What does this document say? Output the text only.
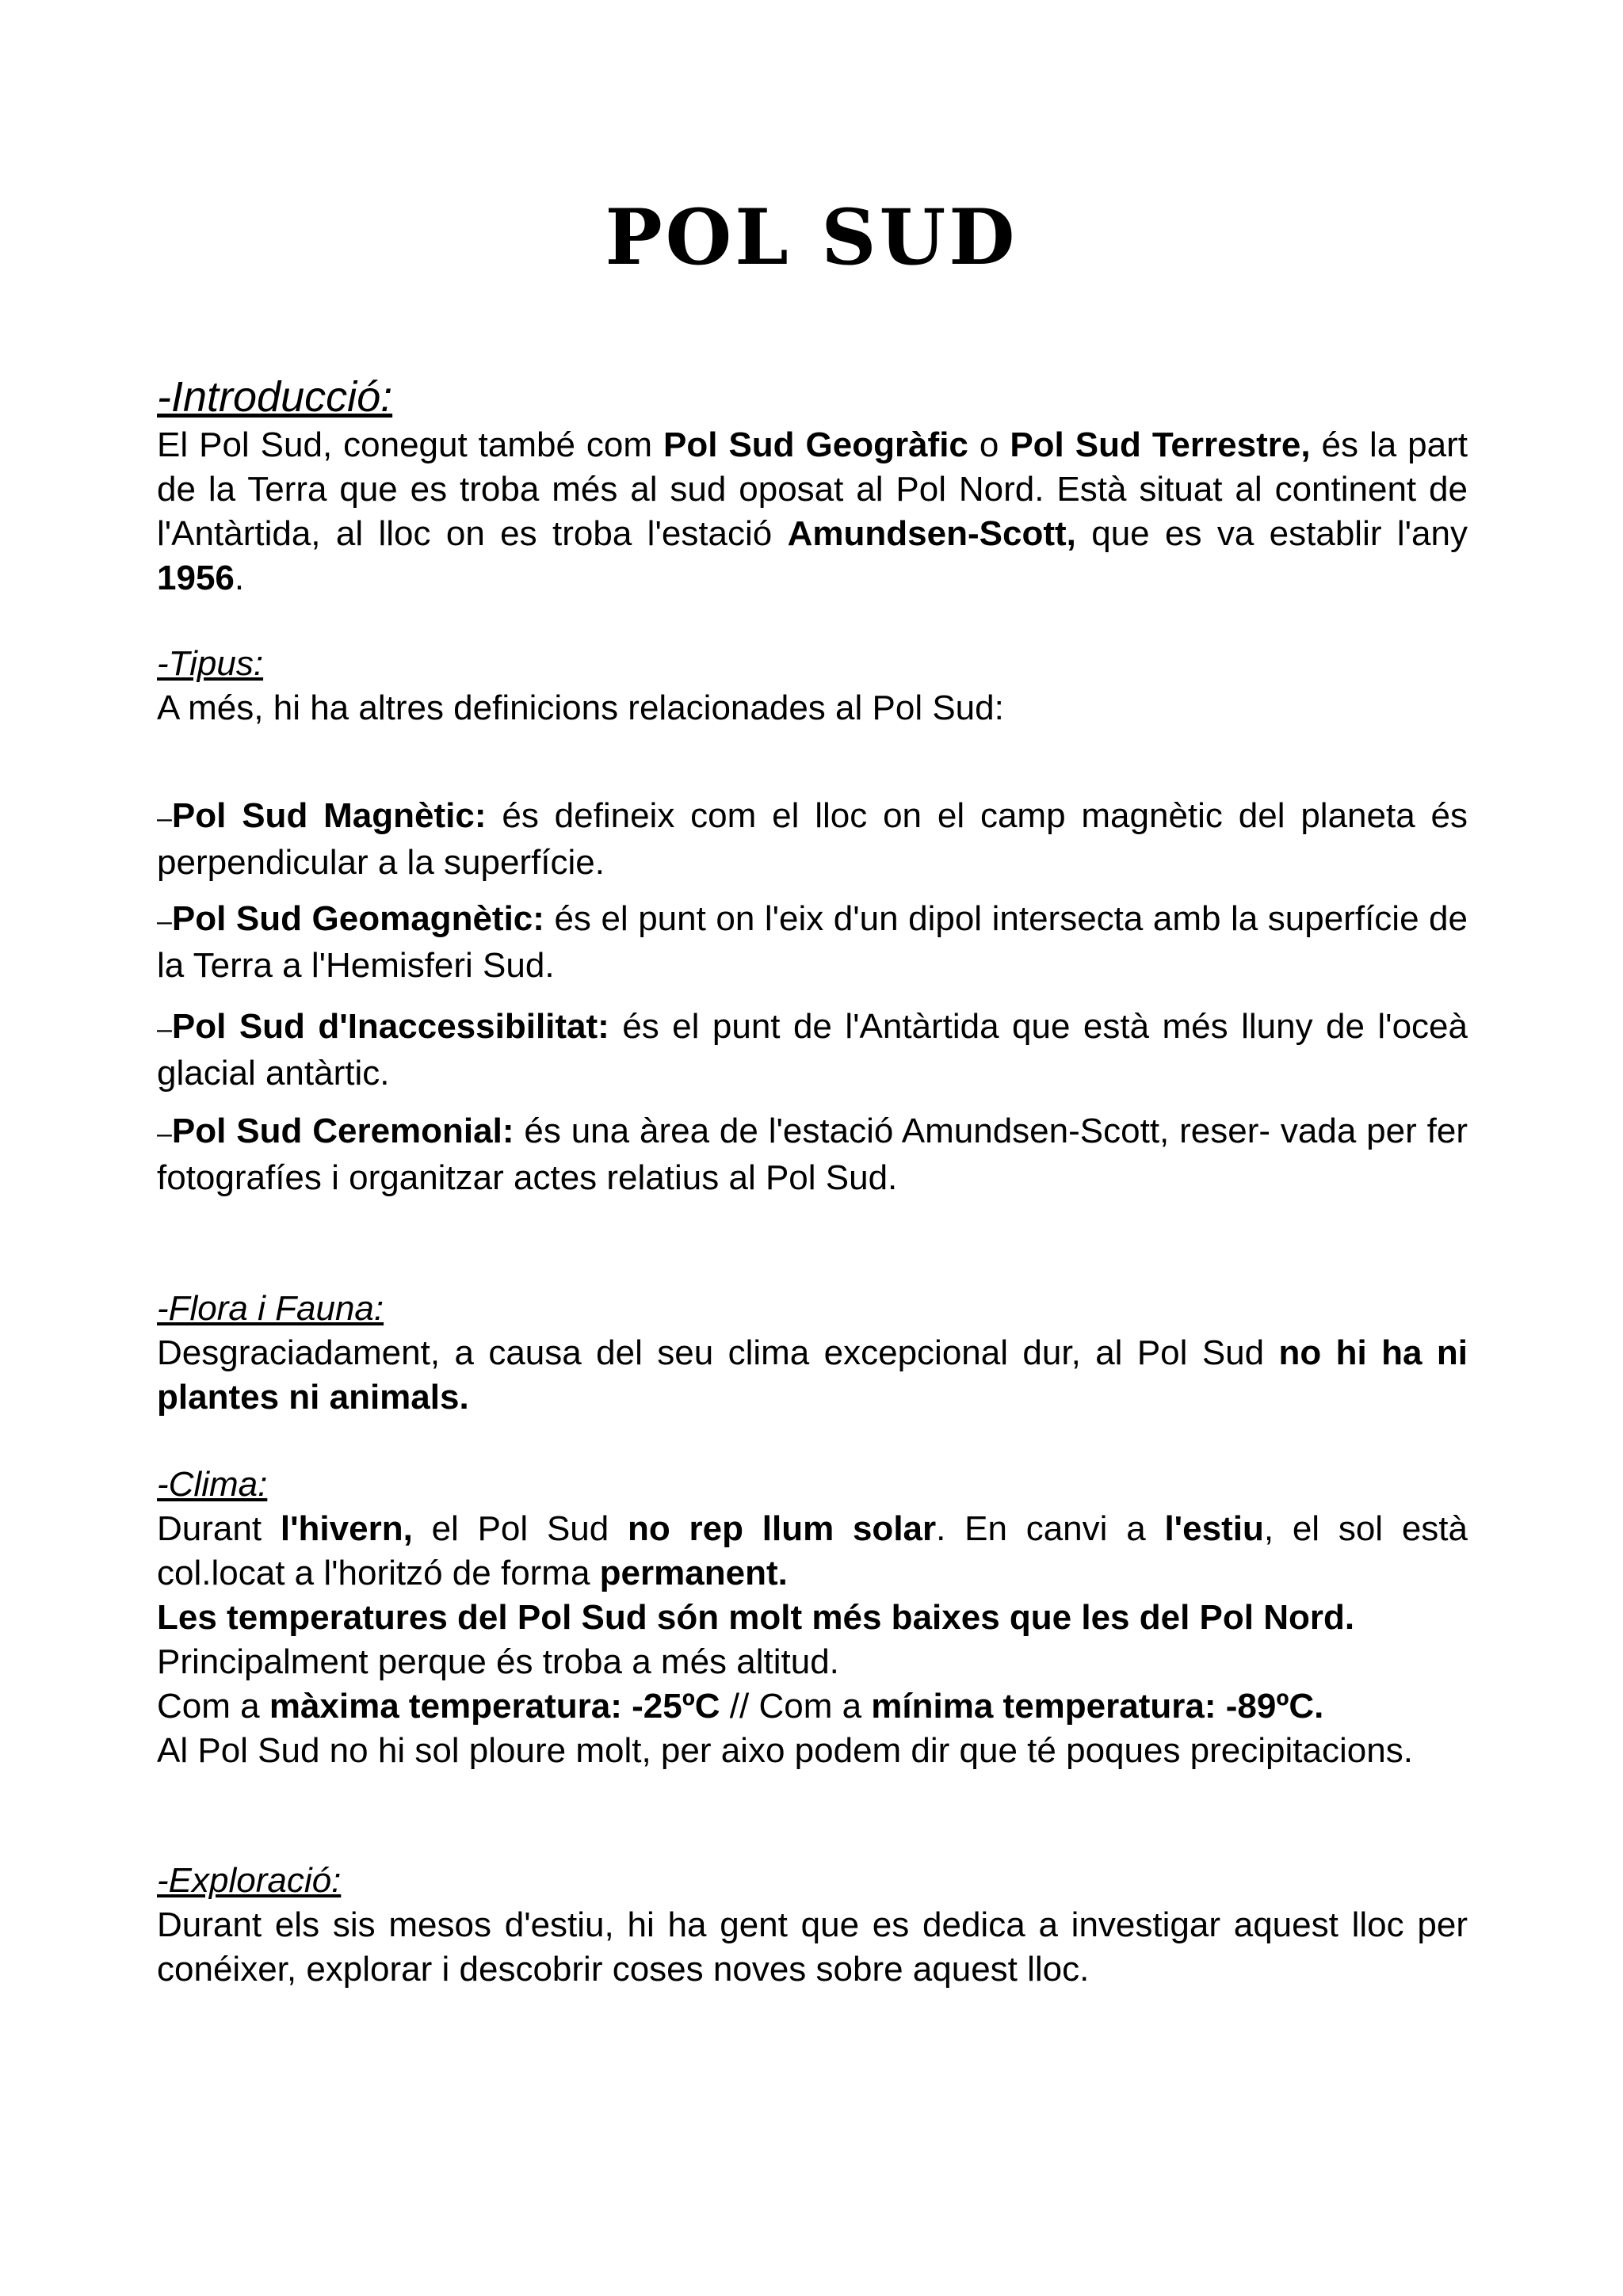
POL SUD

-Introducció:

El Pol Sud, conegut també com Pol Sud Geogràfic o Pol Sud Terrestre, és la part de la Terra que es troba més al sud oposat al Pol Nord. Està situat al continent de l'Antàrtida, al lloc on es troba l'estació Amundsen-Scott, que es va establir l'any 1956.

-Tipus:

A més, hi ha altres definicions relacionades al Pol Sud:

–Pol Sud Magnètic: és defineix com el lloc on el camp magnètic del planeta és perpendicular a la superfície.
–Pol Sud Geomagnètic: és el punt on l'eix d'un dipol intersecta amb la superfície de la Terra a l'Hemisferi Sud.
–Pol Sud d'Inaccessibilitat: és el punt de l'Antàrtida que està més lluny de l'oceà glacial antàrtic.
–Pol Sud Ceremonial: és una àrea de l'estació Amundsen-Scott, reser- vada per fer fotografíes i organitzar actes relatius al Pol Sud.

-Flora i Fauna:

Desgraciadament, a causa del seu clima excepcional dur, al Pol Sud no hi ha ni plantes ni animals.

-Clima:

Durant l'hivern, el Pol Sud no rep llum solar. En canvi a l'estiu, el sol està col.locat a l'horitzó de forma permanent.

Les temperatures del Pol Sud són molt més baixes que les del Pol Nord.

Principalment perque és troba a més altitud.

Com a màxima temperatura: -25ºC // Com a mínima temperatura: -89ºC.

Al Pol Sud no hi sol ploure molt, per aixo podem dir que té poques precipitacions.

-Exploració:

Durant els sis mesos d'estiu, hi ha gent que es dedica a investigar aquest lloc per conéixer, explorar i descobrir coses noves sobre aquest lloc.
